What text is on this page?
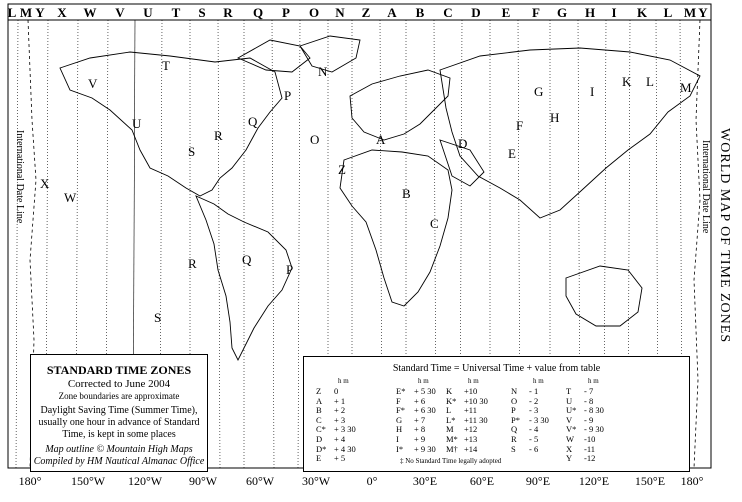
L M Y X W V U T S R Q P O N Z A B C D E F G H I K L M Y
180° 150°W 120°W 90°W 60°W 30°W	0°	30°E	60°E	90°E 120°E 150°E 180°
V
U
T
S
R
Q
P
O
N
Z
A
B
C
D
E
F
G
H
I
K L M
X
W
Q
P
S
R
International Date Line	International Date Line WORLD MAP OF TIME ZONES
STANDARD TIME ZONES
Corrected to June 2004
Zone boundaries are approximate
Daylight Saving Time (Summer Time),
usually one hour in advance of Standard
Time, is kept in some places
Map outline © Mountain High Maps
Compiled by HM Nautical Almanac Office
Standard Time = Universal Time + value from table
h m
Z 0
A + 1
B + 2
C + 3
C* + 3 30
D + 4
D* + 4 30
E + 5
h m
E* + 5 30
F + 6
F* + 6 30
G + 7
H + 8
I + 9
I* + 9 30
h m
K +10
K* +10 30
L +11
L* +11 30
M +12
M* +13
M† +14
h m
N - 1
O - 2
P - 3
P* - 3 30
Q - 4
R - 5
S - 6
h m
T - 7
U - 8
U* - 8 30
V - 9
V* - 9 30
W -10
X -11
Y -12
‡ No Standard Time legally adopted
